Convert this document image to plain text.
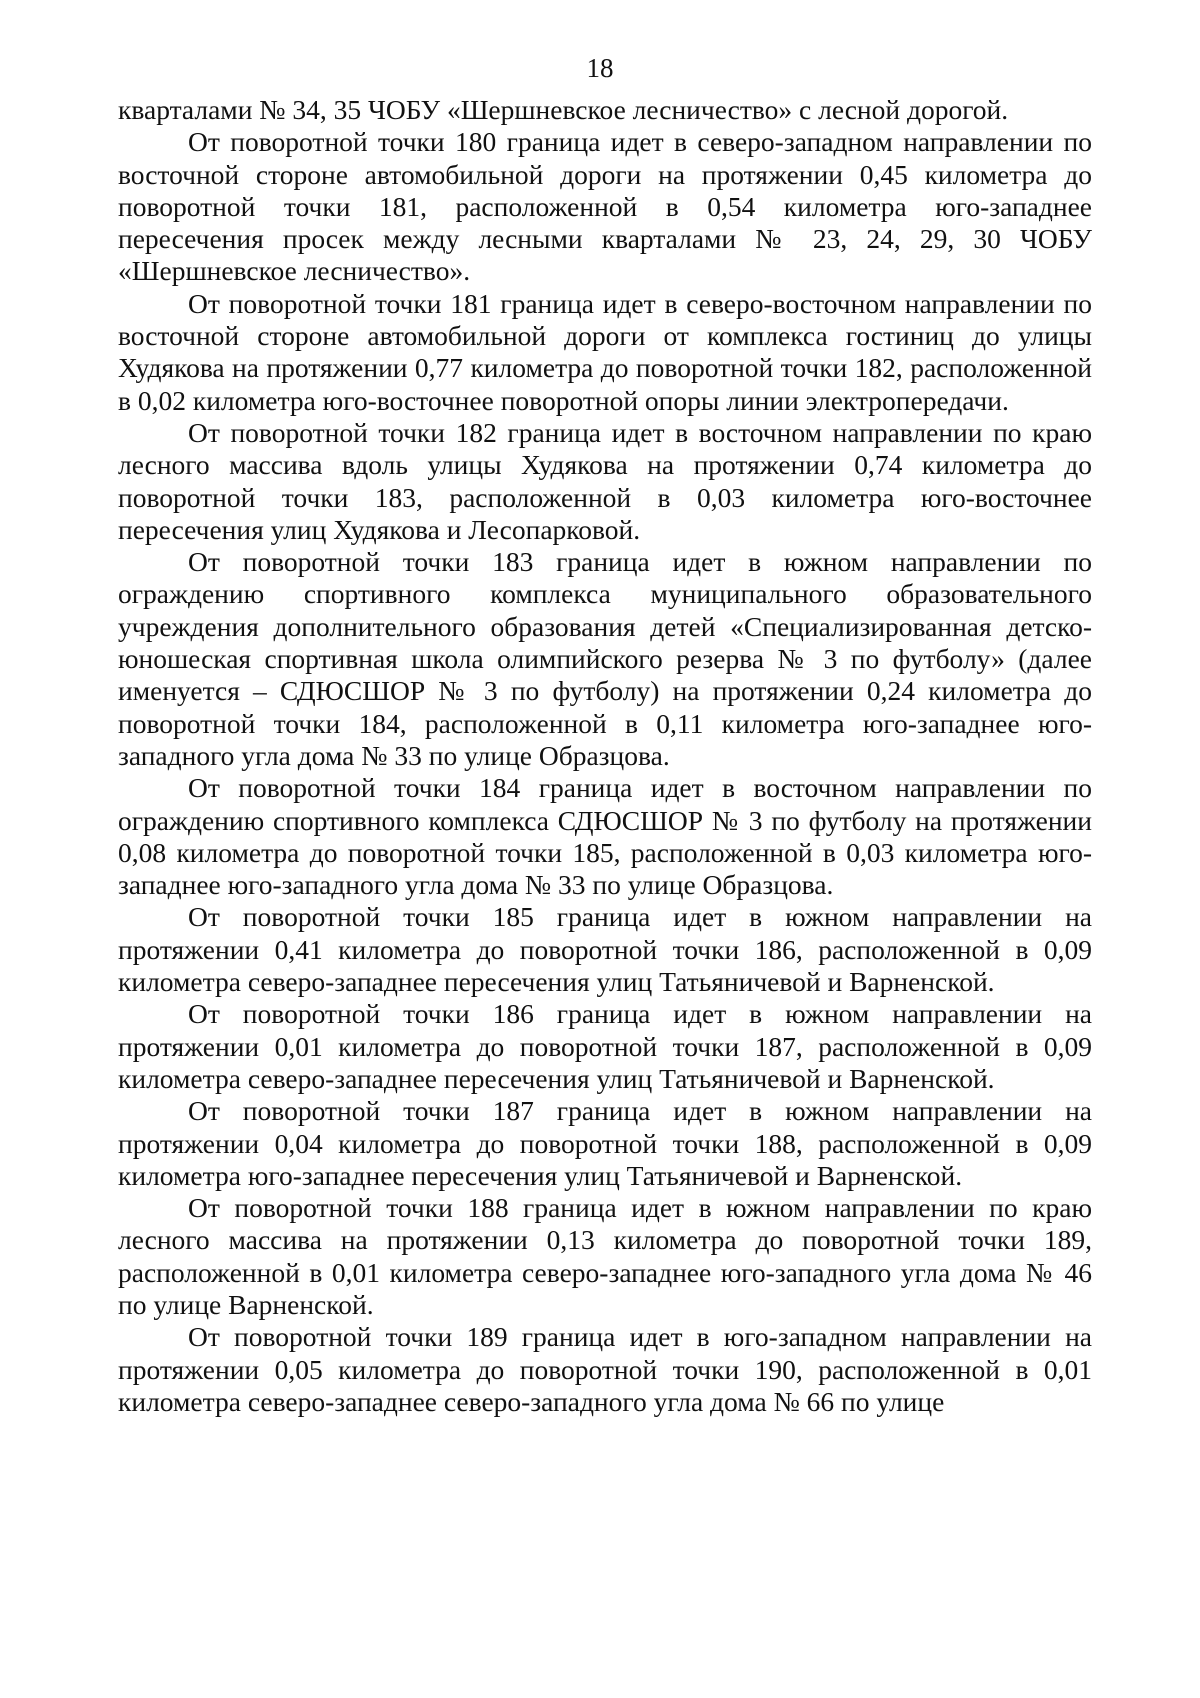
18

кварталами № 34, 35 ЧОБУ «Шершневское лесничество» с лесной дорогой.

От поворотной точки 180 граница идет в северо-западном направлении по восточной стороне автомобильной дороги на протяжении 0,45 километра до поворотной точки 181, расположенной в 0,54 километра юго-западнее пересечения просек между лесными кварталами № 23, 24, 29, 30 ЧОБУ «Шершневское лесничество».

От поворотной точки 181 граница идет в северо-восточном направлении по восточной стороне автомобильной дороги от комплекса гостиниц до улицы Худякова на протяжении 0,77 километра до поворотной точки 182, расположенной в 0,02 километра юго-восточнее поворотной опоры линии электропередачи.

От поворотной точки 182 граница идет в восточном направлении по краю лесного массива вдоль улицы Худякова на протяжении 0,74 километра до поворотной точки 183, расположенной в 0,03 километра юго-восточнее пересечения улиц Худякова и Лесопарковой.

От поворотной точки 183 граница идет в южном направлении по ограждению спортивного комплекса муниципального образовательного учреждения дополнительного образования детей «Специализированная детско-юношеская спортивная школа олимпийского резерва № 3 по футболу» (далее именуется – СДЮСШОР № 3 по футболу) на протяжении 0,24 километра до поворотной точки 184, расположенной в 0,11 километра юго-западнее юго-западного угла дома № 33 по улице Образцова.

От поворотной точки 184 граница идет в восточном направлении по ограждению спортивного комплекса СДЮСШОР № 3 по футболу на протяжении 0,08 километра до поворотной точки 185, расположенной в 0,03 километра юго-западнее юго-западного угла дома № 33 по улице Образцова.

От поворотной точки 185 граница идет в южном направлении на протяжении 0,41 километра до поворотной точки 186, расположенной в 0,09 километра северо-западнее пересечения улиц Татьяничевой и Варненской.

От поворотной точки 186 граница идет в южном направлении на протяжении 0,01 километра до поворотной точки 187, расположенной в 0,09 километра северо-западнее пересечения улиц Татьяничевой и Варненской.

От поворотной точки 187 граница идет в южном направлении на протяжении 0,04 километра до поворотной точки 188, расположенной в 0,09 километра юго-западнее пересечения улиц Татьяничевой и Варненской.

От поворотной точки 188 граница идет в южном направлении по краю лесного массива на протяжении 0,13 километра до поворотной точки 189, расположенной в 0,01 километра северо-западнее юго-западного угла дома № 46 по улице Варненской.

От поворотной точки 189 граница идет в юго-западном направлении на протяжении 0,05 километра до поворотной точки 190, расположенной в 0,01 километра северо-западнее северо-западного угла дома № 66 по улице
